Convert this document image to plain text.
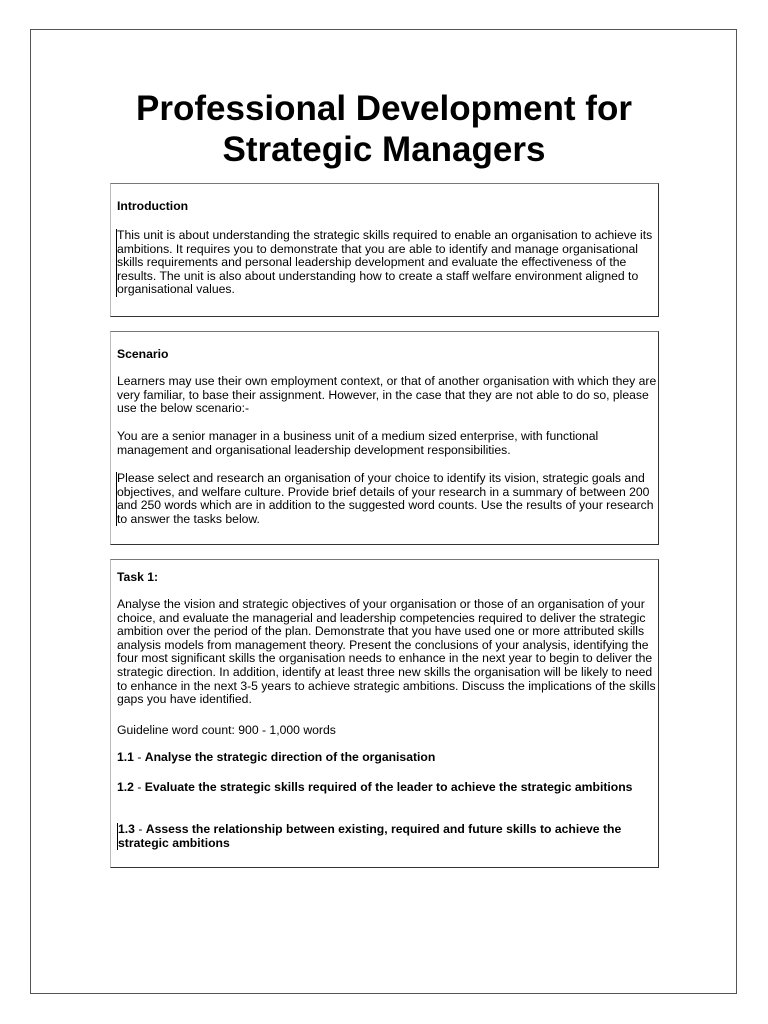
Professional Development for
Strategic Managers

Introduction

This unit is about understanding the strategic skills required to enable an organisation to achieve its ambitions. It requires you to demonstrate that you are able to identify and manage organisational skills requirements and personal leadership development and evaluate the effectiveness of the results. The unit is also about understanding how to create a staff welfare environment aligned to organisational values.

Scenario

Learners may use their own employment context, or that of another organisation with which they are very familiar, to base their assignment. However, in the case that they are not able to do so, please use the below scenario:-

You are a senior manager in a business unit of a medium sized enterprise, with functional management and organisational leadership development responsibilities.

Please select and research an organisation of your choice to identify its vision, strategic goals and objectives, and welfare culture. Provide brief details of your research in a summary of between 200 and 250 words which are in addition to the suggested word counts. Use the results of your research to answer the tasks below.

Task 1:

Analyse the vision and strategic objectives of your organisation or those of an organisation of your choice, and evaluate the managerial and leadership competencies required to deliver the strategic ambition over the period of the plan. Demonstrate that you have used one or more attributed skills analysis models from management theory. Present the conclusions of your analysis, identifying the four most significant skills the organisation needs to enhance in the next year to begin to deliver the strategic direction. In addition, identify at least three new skills the organisation will be likely to need to enhance in the next 3-5 years to achieve strategic ambitions. Discuss the implications of the skills gaps you have identified.

Guideline word count: 900 - 1,000 words

1.1 - Analyse the strategic direction of the organisation

1.2 - Evaluate the strategic skills required of the leader to achieve the strategic ambitions

1.3 - Assess the relationship between existing, required and future skills to achieve the strategic ambitions
